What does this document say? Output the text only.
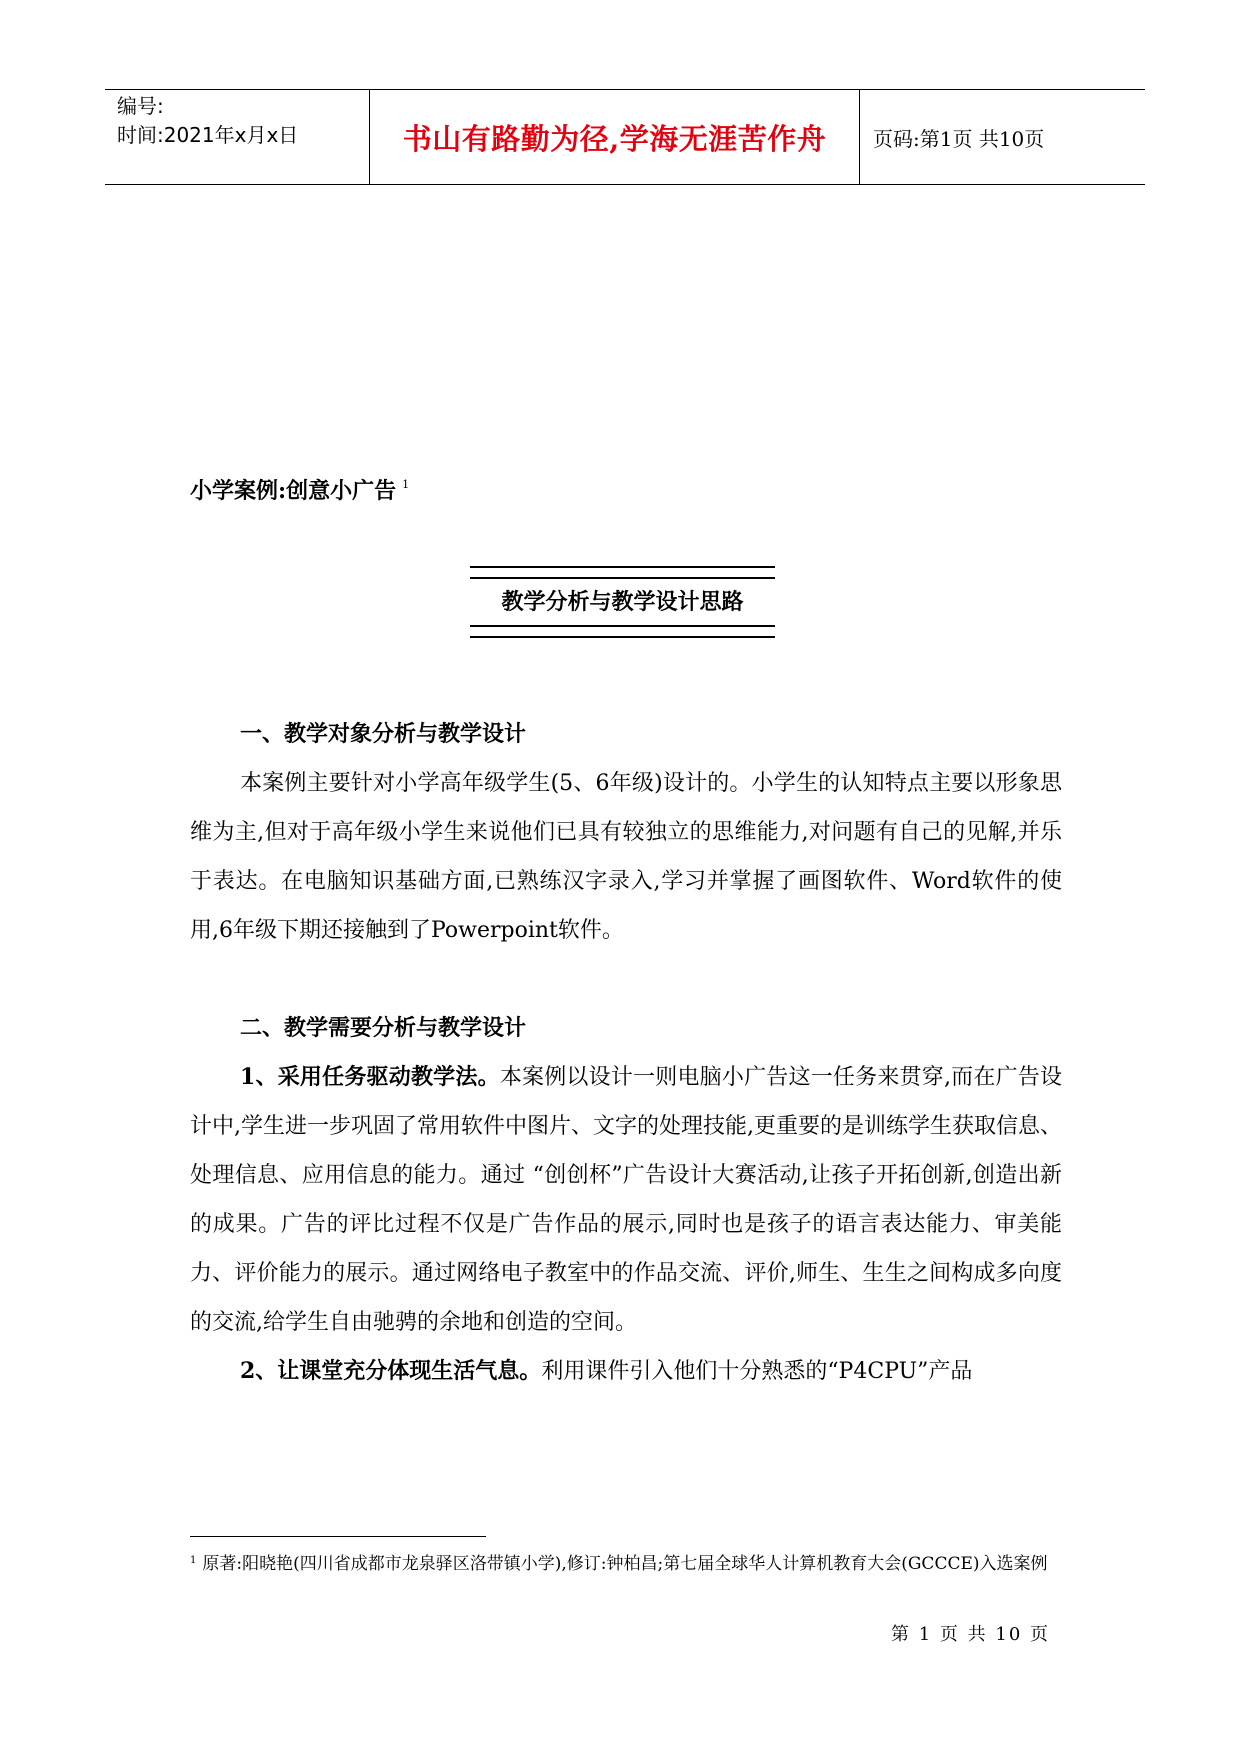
编号:
时间:2021年x月x日	书山有路勤为径,学海无涯苦作舟	页码:第1页 共10页
小学案例:创意小广告 $^1$
教学分析与教学设计思路
一、教学对象分析与教学设计

本案例主要针对小学高年级学生(5、6年级)设计的。小学生的认知特点主要以形象思维为主,但对于高年级小学生来说他们已具有较独立的思维能力,对问题有自己的见解,并乐于表达。在电脑知识基础方面,已熟练汉字录入,学习并掌握了画图软件、Word软件的使用,6年级下期还接触到了Powerpoint软件。

二、教学需要分析与教学设计

1、采用任务驱动教学法。本案例以设计一则电脑小广告这一任务来贯穿,而在广告设计中,学生进一步巩固了常用软件中图片、文字的处理技能,更重要的是训练学生获取信息、处理信息、应用信息的能力。通过 “创创杯”广告设计大赛活动,让孩子开拓创新,创造出新的成果。广告的评比过程不仅是广告作品的展示,同时也是孩子的语言表达能力、审美能力、评价能力的展示。通过网络电子教室中的作品交流、评价,师生、生生之间构成多向度的交流,给学生自由驰骋的余地和创造的空间。

2、让课堂充分体现生活气息。利用课件引入他们十分熟悉的“P4CPU”产品

$^1$ 原著:阳晓艳(四川省成都市龙泉驿区洛带镇小学),修订:钟柏昌;第七届全球华人计算机教育大会(GCCCE)入选案例
第 1 页 共 10 页
